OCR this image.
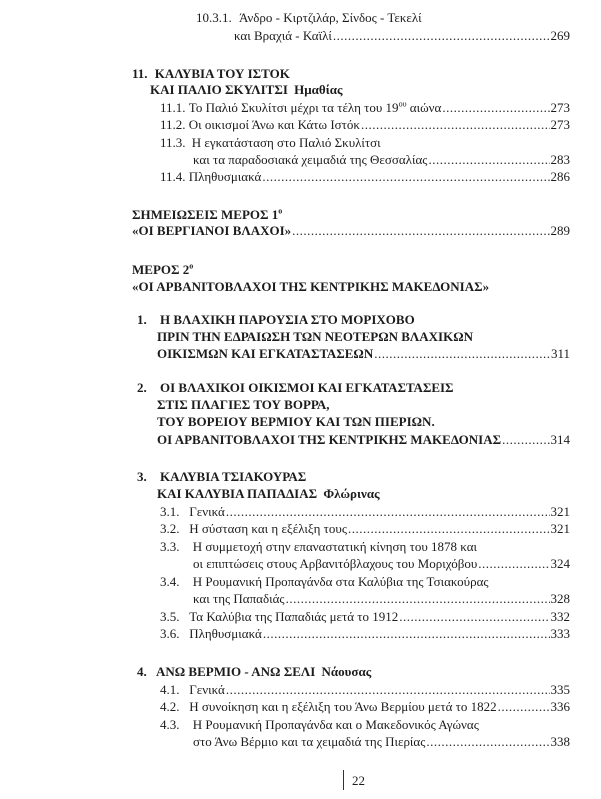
10.3.1. Άνδρο - Κιρτζιλάρ, Σίνδος - Τεκελί
και Βραχιά - Καϊλί .....	269
11. ΚΑΛΥΒΙΑ ΤΟΥ ΙΣΤΟΚ
ΚΑΙ ΠΑΛΙΟ ΣΚΥΛΙΤΣΙ Ημαθίας
11.1. Το Παλιό Σκυλίτσι μέχρι τα τέλη του $19^{o\upsilon}$ αιώνα .....	273
11.2. Οι οικισμοί Άνω και Κάτω Ιστόκ .....	273
11.3. Η εγκατάσταση στο Παλιό Σκυλίτσι
και τα παραδοσιακά χειμαδιά της Θεσσαλίας .....	283
11.4. Πληθυσμιακά .....	286
ΣΗΜΕΙΩΣΕΙΣ ΜΕΡΟΣ $1^o$
«ΟΙ ΒΕΡΓΙΑΝΟΙ ΒΛΑΧΟΙ» .....	289
ΜΕΡΟΣ $2^o$
«ΟΙ ΑΡΒΑΝΙΤΟΒΛΑΧΟΙ ΤΗΣ ΚΕΝΤΡΙΚΗΣ ΜΑΚΕΔΟΝΙΑΣ»
1. Η ΒΛΑΧΙΚΗ ΠΑΡΟΥΣΙΑ ΣΤΟ ΜΟΡΙΧΟΒΟ
ΠΡΙΝ ΤΗΝ ΕΔΡΑΙΩΣΗ ΤΩΝ ΝΕΟΤΕΡΩΝ ΒΛΑΧΙΚΩΝ
ΟΙΚΙΣΜΩΝ ΚΑΙ ΕΓΚΑΤΑΣΤΑΣΕΩΝ .....	311
2. ΟΙ ΒΛΑΧΙΚΟΙ ΟΙΚΙΣΜΟΙ ΚΑΙ ΕΓΚΑΤΑΣΤΑΣΕΙΣ
ΣΤΙΣ ΠΛΑΓΙΕΣ ΤΟΥ ΒΟΡΡΑ,
ΤΟΥ ΒΟΡΕΙΟΥ ΒΕΡΜΙΟΥ ΚΑΙ ΤΩΝ ΠΙΕΡΙΩΝ.
ΟΙ ΑΡΒΑΝΙΤΟΒΛΑΧΟΙ ΤΗΣ ΚΕΝΤΡΙΚΗΣ ΜΑΚΕΔΟΝΙΑΣ .....	314
3. ΚΑΛΥΒΙΑ ΤΣΙΑΚΟΥΡΑΣ
ΚΑΙ ΚΑΛΥΒΙΑ ΠΑΠΑΔΙΑΣ Φλώρινας
3.1. Γενικά .....	321
3.2. Η σύσταση και η εξέλιξη τους .....	321
3.3. Η συμμετοχή στην επαναστατική κίνηση του 1878 και
οι επιπτώσεις στους Αρβανιτόβλαχους του Μοριχόβου .....	324
3.4. Η Ρουμανική Προπαγάνδα στα Καλύβια της Τσιακούρας
και της Παπαδιάς .....	328
3.5. Τα Καλύβια της Παπαδιάς μετά το 1912 .....	332
3.6. Πληθυσμιακά .....	333
4. ΑΝΩ ΒΕΡΜΙΟ - ΑΝΩ ΣΕΛΙ Νάουσας
4.1. Γενικά .....	335
4.2. Η συνοίκηση και η εξέλιξη του Άνω Βερμίου μετά το 1822 .....	336
4.3. Η Ρουμανική Προπαγάνδα και ο Μακεδονικός Αγώνας
στο Άνω Βέρμιο και τα χειμαδιά της Πιερίας .....	338
22
